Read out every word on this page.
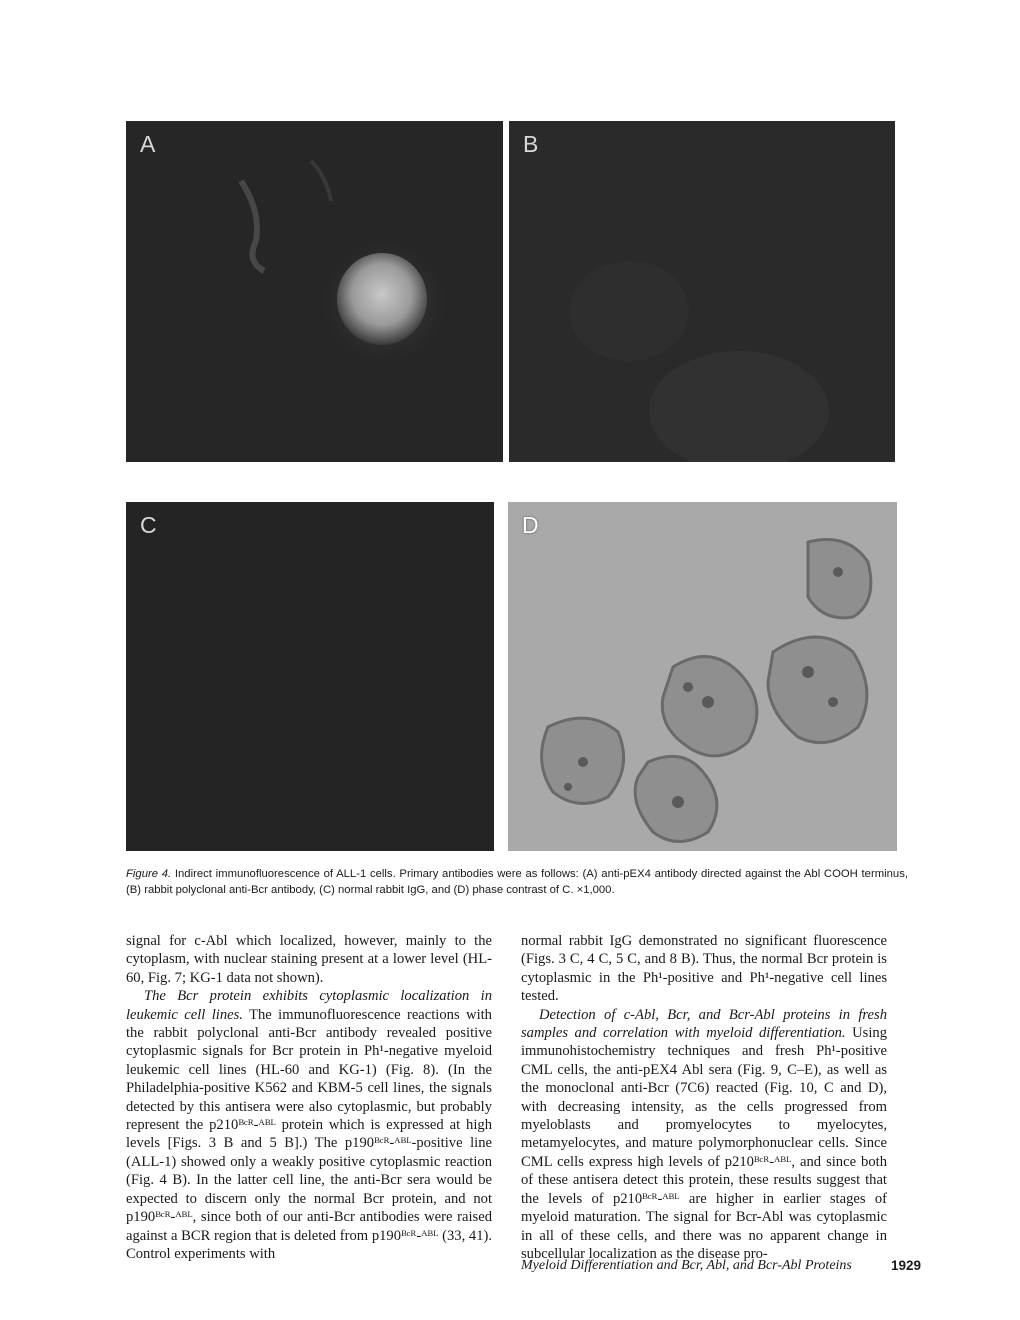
A	B
C	D
Figure 4. Indirect immunofluorescence of ALL-1 cells. Primary antibodies were as follows: (A) anti-pEX4 antibody directed against the Abl COOH terminus, (B) rabbit polyclonal anti-Bcr antibody, (C) normal rabbit IgG, and (D) phase contrast of C. ×1,000.

signal for c-Abl which localized, however, mainly to the cytoplasm, with nuclear staining present at a lower level (HL-60, Fig. 7; KG-1 data not shown).

The Bcr protein exhibits cytoplasmic localization in leukemic cell lines. The immunofluorescence reactions with the rabbit polyclonal anti-Bcr antibody revealed positive cytoplasmic signals for Bcr protein in Ph¹-negative myeloid leukemic cell lines (HL-60 and KG-1) (Fig. 8). (In the Philadelphia-positive K562 and KBM-5 cell lines, the signals detected by this antisera were also cytoplasmic, but probably represent the p210ᴮᶜᴿ-ᴬᴮᴸ protein which is expressed at high levels [Figs. 3 B and 5 B].) The p190ᴮᶜᴿ-ᴬᴮᴸ-positive line (ALL-1) showed only a weakly positive cytoplasmic reaction (Fig. 4 B). In the latter cell line, the anti-Bcr sera would be expected to discern only the normal Bcr protein, and not p190ᴮᶜᴿ-ᴬᴮᴸ, since both of our anti-Bcr antibodies were raised against a BCR region that is deleted from p190ᴮᶜᴿ-ᴬᴮᴸ (33, 41). Control experiments with

normal rabbit IgG demonstrated no significant fluorescence (Figs. 3 C, 4 C, 5 C, and 8 B). Thus, the normal Bcr protein is cytoplasmic in the Ph¹-positive and Ph¹-negative cell lines tested.

Detection of c-Abl, Bcr, and Bcr-Abl proteins in fresh samples and correlation with myeloid differentiation. Using immunohistochemistry techniques and fresh Ph¹-positive CML cells, the anti-pEX4 Abl sera (Fig. 9, C–E), as well as the monoclonal anti-Bcr (7C6) reacted (Fig. 10, C and D), with decreasing intensity, as the cells progressed from myeloblasts and promyelocytes to myelocytes, metamyelocytes, and mature polymorphonuclear cells. Since CML cells express high levels of p210ᴮᶜᴿ-ᴬᴮᴸ, and since both of these antisera detect this protein, these results suggest that the levels of p210ᴮᶜᴿ-ᴬᴮᴸ are higher in earlier stages of myeloid maturation. The signal for Bcr-Abl was cytoplasmic in all of these cells, and there was no apparent change in subcellular localization as the disease pro-

Myeloid Differentiation and Bcr, Abl, and Bcr-Abl Proteins	1929
